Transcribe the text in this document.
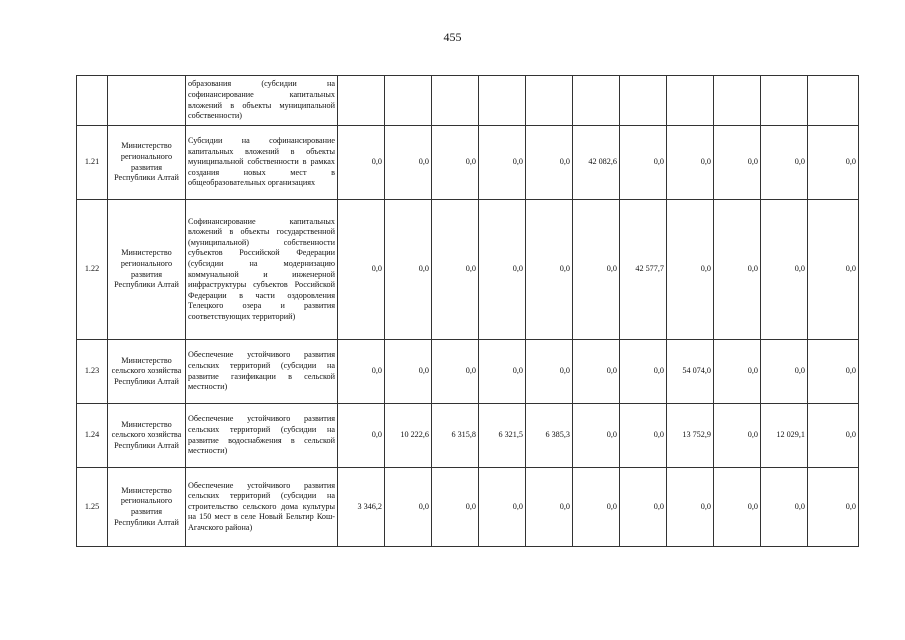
455
		образования (субсидии на софинансирование капитальных вложений в объекты муниципальной собственности)											
1.21	Министерство регионального развития Республики Алтай	Субсидии на софинансирование капитальных вложений в объекты муниципальной собственности в рамках создания новых мест в общеобразовательных организациях	0,0	0,0	0,0	0,0	0,0	42 082,6	0,0	0,0	0,0	0,0	0,0
1.22	Министерство регионального развития Республики Алтай	Софинансирование капитальных вложений в объекты государственной (муниципальной) собственности субъектов Российской Федерации (субсидии на модернизацию коммунальной и инженерной инфраструктуры субъектов Российской Федерации в части оздоровления Телецкого озера и развития соответствующих территорий)	0,0	0,0	0,0	0,0	0,0	0,0	42 577,7	0,0	0,0	0,0	0,0
1.23	Министерство сельского хозяйства Республики Алтай	Обеспечение устойчивого развития сельских территорий (субсидии на развитие газификации в сельской местности)	0,0	0,0	0,0	0,0	0,0	0,0	0,0	54 074,0	0,0	0,0	0,0
1.24	Министерство сельского хозяйства Республики Алтай	Обеспечение устойчивого развития сельских территорий (субсидии на развитие водоснабжения в сельской местности)	0,0	10 222,6	6 315,8	6 321,5	6 385,3	0,0	0,0	13 752,9	0,0	12 029,1	0,0
1.25	Министерство регионального развития Республики Алтай	Обеспечение устойчивого развития сельских территорий (субсидии на строительство сельского дома культуры на 150 мест в селе Новый Бельтир Кош-Агачского района)	3 346,2	0,0	0,0	0,0	0,0	0,0	0,0	0,0	0,0	0,0	0,0
